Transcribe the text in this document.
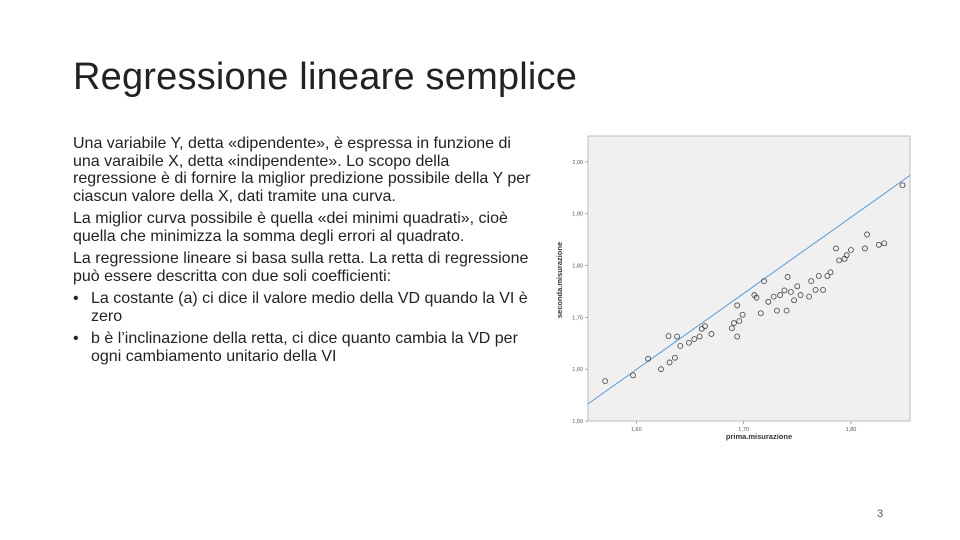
Regressione lineare semplice

Una variabile Y, detta «dipendente», è espressa in funzione di una varaibile X, detta «indipendente». Lo scopo della regressione è di fornire la miglior predizione possibile della Y per ciascun valore della X, dati tramite una curva.

La miglior curva possibile è quella «dei minimi quadrati», cioè quella che minimizza la somma degli errori al quadrato.

La regressione lineare si basa sulla retta. La retta di regressione può essere descritta con due soli coefficienti:

• La costante (a) ci dice il valore medio della VD quando la VI è zero
• b è l’inclinazione della retta, ci dice quanto cambia la VD per ogni cambiamento unitario della VI
1,50
1,60
1,70
1,80
1,90
2,00
1,60	1,70	1,80
seconda.misurazione
prima.misurazione
3
